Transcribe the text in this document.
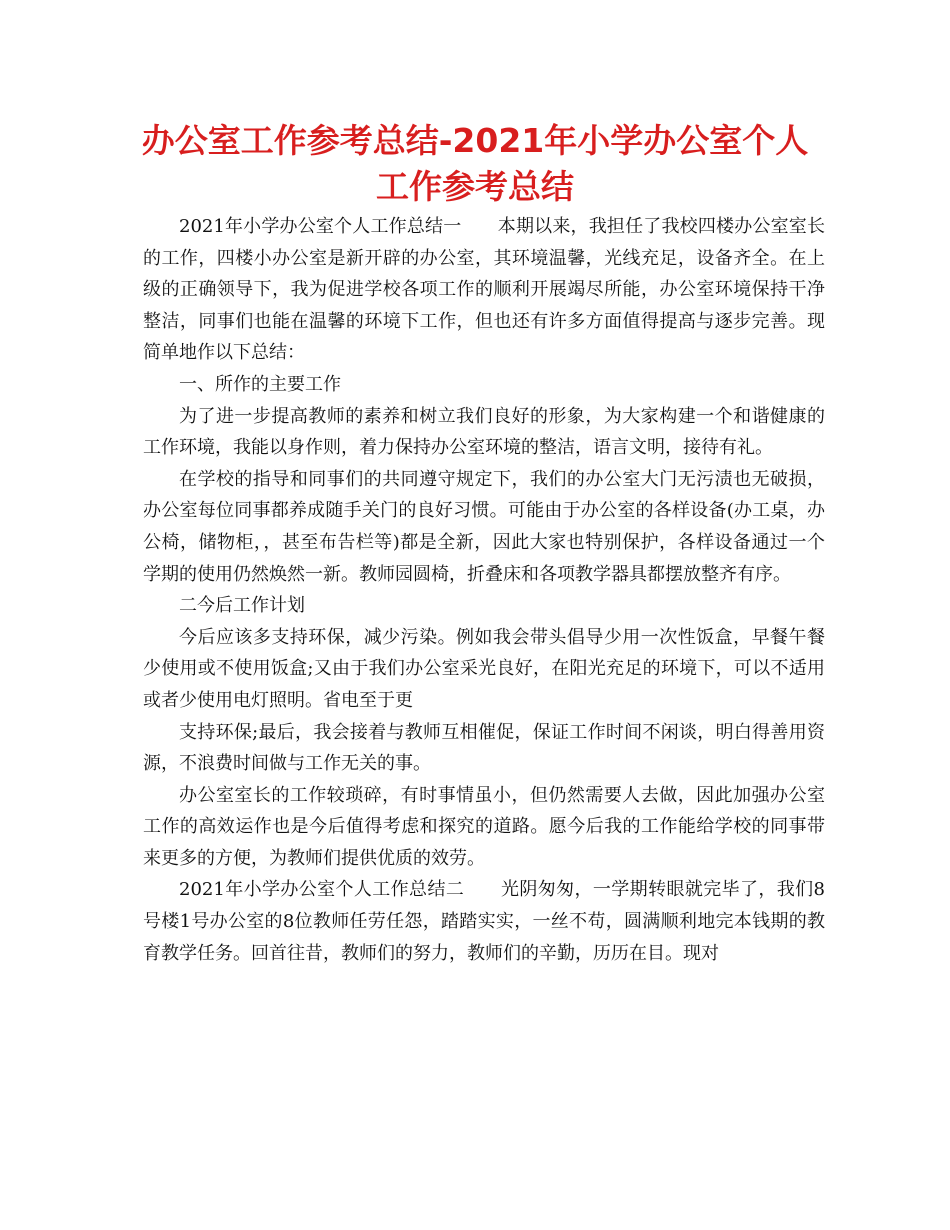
办公室工作参考总结-2021年小学办公室个人工作参考总结

2021年小学办公室个人工作总结一　　本期以来，我担任了我校四楼办公室室长的工作，四楼小办公室是新开辟的办公室，其环境温馨，光线充足，设备齐全。在上级的正确领导下，我为促进学校各项工作的顺利开展竭尽所能，办公室环境保持干净整洁，同事们也能在温馨的环境下工作，但也还有许多方面值得提高与逐步完善。现简单地作以下总结：

一、所作的主要工作

为了进一步提高教师的素养和树立我们良好的形象，为大家构建一个和谐健康的工作环境，我能以身作则，着力保持办公室环境的整洁，语言文明，接待有礼。

在学校的指导和同事们的共同遵守规定下，我们的办公室大门无污渍也无破损，办公室每位同事都养成随手关门的良好习惯。可能由于办公室的各样设备(办工桌，办公椅，储物柜，，甚至布告栏等)都是全新，因此大家也特别保护，各样设备通过一个学期的使用仍然焕然一新。教师园圆椅，折叠床和各项教学器具都摆放整齐有序。

二今后工作计划

今后应该多支持环保，减少污染。例如我会带头倡导少用一次性饭盒，早餐午餐少使用或不使用饭盒;又由于我们办公室采光良好，在阳光充足的环境下，可以不适用或者少使用电灯照明。省电至于更

支持环保;最后，我会接着与教师互相催促，保证工作时间不闲谈，明白得善用资源，不浪费时间做与工作无关的事。

办公室室长的工作较琐碎，有时事情虽小，但仍然需要人去做，因此加强办公室工作的高效运作也是今后值得考虑和探究的道路。愿今后我的工作能给学校的同事带来更多的方便，为教师们提供优质的效劳。

2021年小学办公室个人工作总结二　　光阴匆匆，一学期转眼就完毕了，我们8号楼1号办公室的8位教师任劳任怨，踏踏实实，一丝不苟，圆满顺利地完本钱期的教育教学任务。回首往昔，教师们的努力，教师们的辛勤，历历在目。现对
